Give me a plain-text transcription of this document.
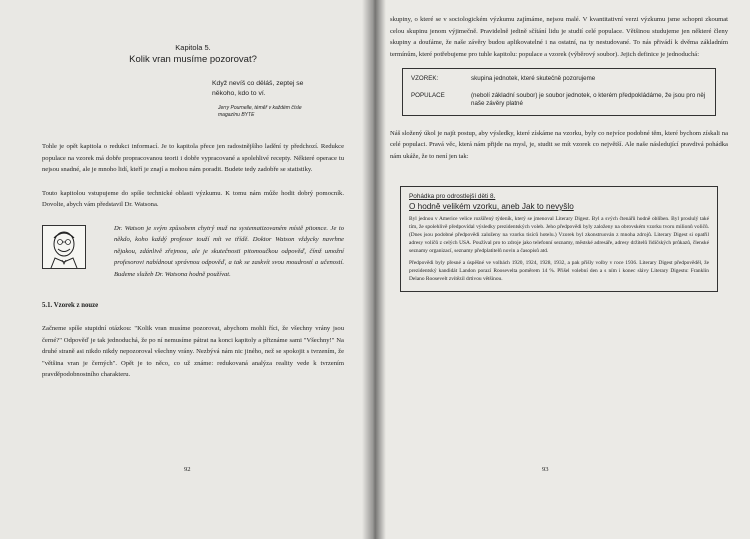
Kapitola 5.
Kolik vran musíme pozorovat?
Když nevíš co děláš, zeptej se
někoho, kdo to ví.
Jerry Pournelle, téměř v každém čísle
magazínu BYTE

Tohle je opět kapitola o redukci informací. Je to kapitola přece jen radostnějšího ladění ty předchozí. Redukce populace na vzorek má dobře propracovanou teorii i dobře vypracované a spolehlivé recepty. Některé operace tu nejsou snadné, ale je mnoho lidí, kteří je znají a mohou nám poradit. Budete tedy zadobře se statistiky.

Touto kapitolou vstupujeme do spíše technické oblasti výzkumu. K tomu nám může hodit dobrý pomocník. Dovolte, abych vám představil Dr. Watsona.

Dr. Watson je svým způsobem chytrý muž na systematizovaném místě pitomce. Je to někdo, koho každý profesor touží mít ve třídě. Doktor Watson vždycky navrhne nějakou, zdánlivě zřejmou, ale je skutečnosti pitomoučkou odpověď, čímž umožní profesorovi nabídnout správnou odpověď, a tak se zaskvít svou moudrostí a učeností. Budeme služeb Dr. Watsona hodně používat.

5.1. Vzorek z nouze

Začneme spíše stupidní otázkou: "Kolik vran musíme pozorovat, abychom mohli říci, že všechny vrány jsou černé?" Odpověď je tak jednoduchá, že po ní nemusíme pátrat na konci kapitoly a přiznáme sami "Všechny!" Na druhé straně asi nikdo nikdy nepozoroval všechny vrány. Nezbývá nám nic jiného, než se spokojit s tvrzením, že "většina vran je černých". Opět je to něco, co už známe: redukovaná analýza reality vede k tvrzením pravděpodobnostního charakteru.

92

skupiny, o které se v sociologickém výzkumu zajímáme, nejsou malé. V kvantitativní verzi výzkumu jsme schopni zkoumat celou skupinu jenom výjimečně. Pravidelně jedině sčítání lidu je studií celé populace. Většinou studujeme jen některé členy skupiny a doufáme, že naše závěry budou aplikovatelné i na ostatní, na ty nestudované. To nás přivádí k dvěma základním termínům, které potřebujeme pro tuhle kapitolu: populace a vzorek (výběrový soubor). Jejich definice je jednoduchá:

VZOREK:	skupina jednotek, které skutečně pozorujeme
POPULACE	(nebolí základní soubor) je soubor jednotek, o kterém předpokládáme, že jsou pro něj naše závěry platné

Náš složený úkol je najít postup, aby výsledky, které získáme na vzorku, byly co nejvíce podobné těm, které bychom získali na celé populaci. Pravá věc, která nám přijde na mysl, je, studit se mít vzorek co největší. Ale naše následující pravdivá pohádka nám ukáže, že to není jen tak:

Pohádka pro odrostlejší děti 8.
O hodně velikém vzorku, aneb Jak to nevyšlo

Byl jednou v Americe velice rozšířený týdeník, který se jmenoval Literary Digest. Byl a svých čtenářů hodně oblíben. Byl proslulý také tím, že spolehlivě předpovídal výsledky prezidentských voleb. Jeho předpovědi byly založeny na obrovském vzorku tvoru milionů voličů. (Dnes jsou podobné předpovědi založeny na vzorku tisíců hotelu.) Vzorek byl zkonstruován z mnoha zdrojů. Literary Digest si opatřil adresy voličů z celých USA. Používal pro to zdroje jako telefonní seznamy, městské adresáře, adresy držitelů řidičských průkazů, členské seznamy organizací, seznamy předplatitelů novin a časopisů atd.

Předpovědi byly přesné a úspěšné ve volbách 1920, 1924, 1928, 1932, a pak přišly volby v roce 1936. Literary Digest předpověděl, že prezidentský kandidát Landon porazí Roosevelta poměrem 14 %. Přišel volební den a s ním i konec slávy Literary Digestu: Franklin Delano Roosevelt zvítězil drtivou většinou.

93
